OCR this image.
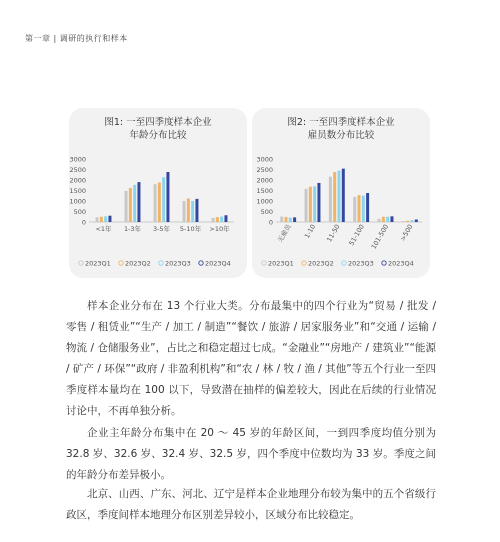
第一章 | 调研的执行和样本
图1: 一至四季度样本企业
年龄分布比较
0
500
1000
1500
2000
2500
3000
<1年 1-3年 3-5年 5-10年 >10年
2023Q1 2023Q2 2023Q3 2023Q4
图2: 一至四季度样本企业
雇员数分布比较
0
500
1000
1500
2000
2500
3000
无雇员 1-10 11-50 51-100 101-500 >500
2023Q1 2023Q2 2023Q3 2023Q4
样本企业分布在 13 个行业大类。分布最集中的四个行业为“贸易 / 批发 / 零售 / 租赁业”“生产 / 加工 / 制造”“餐饮 / 旅游 / 居家服务业”和“交通 / 运输 / 物流 / 仓储服务业”，占比之和稳定超过七成。“金融业”“房地产 / 建筑业”“能源 / 矿产 / 环保”“政府 / 非盈利机构”和“农 / 林 / 牧 / 渔 / 其他”等五个行业一至四季度样本量均在 100 以下，导致潜在抽样的偏差较大，因此在后续的行业情况讨论中，不再单独分析。
企业主年龄分布集中在 20 ～ 45 岁的年龄区间，一到四季度均值分别为 32.8 岁、32.6 岁、32.4 岁、32.5 岁，四个季度中位数均为 33 岁。季度之间的年龄分布差异极小。
北京、山西、广东、河北、辽宁是样本企业地理分布较为集中的五个省级行政区，季度间样本地理分布区别差异较小，区域分布比较稳定。
